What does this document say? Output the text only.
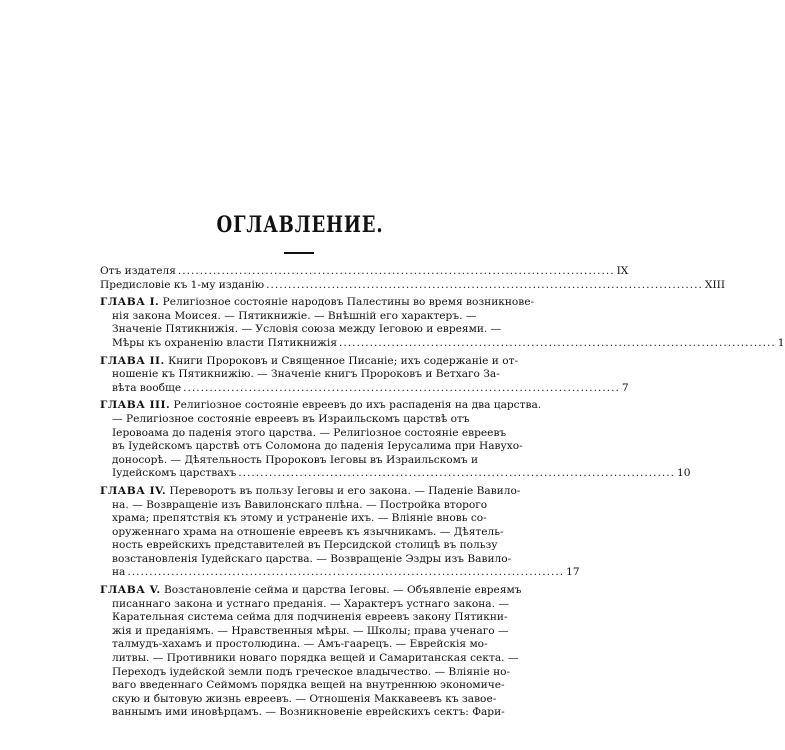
ОГЛАВЛЕНИЕ.
Отъ издателя .................................................................................................... IX
Предисловіе къ 1-му изданію .................................................................................................... XIII
ГЛАВА I. Религіозное состояніе народовъ Палестины во время возникнове-
нія закона Моисея. — Пятикнижіе. — Внѣшній его характеръ. —
Значеніе Пятикнижія. — Условія союза между Іеговою и евреями. —
Мѣры къ охраненію власти Пятикнижія .................................................................................................... 1
ГЛАВА II. Книги Пророковъ и Священное Писаніе; ихъ содержаніе и от-
ношеніе къ Пятикнижію. — Значеніе книгъ Пророковъ и Ветхаго За-
вѣта вообще .................................................................................................... 7
ГЛАВА III. Религіозное состояніе евреевъ до ихъ распаденія на два царства.
— Религіозное состояніе евреевъ въ Израильскомъ царствѣ отъ
Іеровоама до паденія этого царства. — Религіозное состояніе евреевъ
въ Іудейскомъ царствѣ отъ Соломона до паденія Іерусалима при Навухо-
доносорѣ. — Дѣятельность Пророковъ Іеговы въ Израильскомъ и
Іудейскомъ царствахъ .................................................................................................... 10
ГЛАВА IV. Переворотъ въ пользу Іеговы и его закона. — Паденіе Вавило-
на. — Возвращеніе изъ Вавилонскаго плѣна. — Постройка второго
храма; препятствія къ этому и устраненіе ихъ. — Вліяніе вновь со-
оруженнаго храма на отношеніе евреевъ къ язычникамъ. — Дѣятель-
ность еврейскихъ представителей въ Персидской столицѣ въ пользу
возстановленія Іудейскаго царства. — Возвращеніе Эздры изъ Вавило-
на .................................................................................................... 17
ГЛАВА V. Возстановленіе сейма и царства Іеговы. — Объявленіе евреямъ
писаннаго закона и устнаго преданія. — Характеръ устнаго закона. —
Карательная система сейма для подчиненія евреевъ закону Пятикни-
жія и преданіямъ. — Нравственныя мѣры. — Школы; права ученаго —
талмудъ-хахамъ и простолюдина. — Амъ-гаарецъ. — Еврейскія мо-
литвы. — Противники новаго порядка вещей и Самаританская секта. —
Переходъ іудейской земли подъ греческое владычество. — Вліяніе но-
ваго введеннаго Сеймомъ порядка вещей на внутреннюю экономиче-
скую и бытовую жизнь евреевъ. — Отношенія Маккавеевъ къ завое-
ваннымъ ими иновѣрцамъ. — Возникновеніе еврейскихъ сектъ: Фари-
